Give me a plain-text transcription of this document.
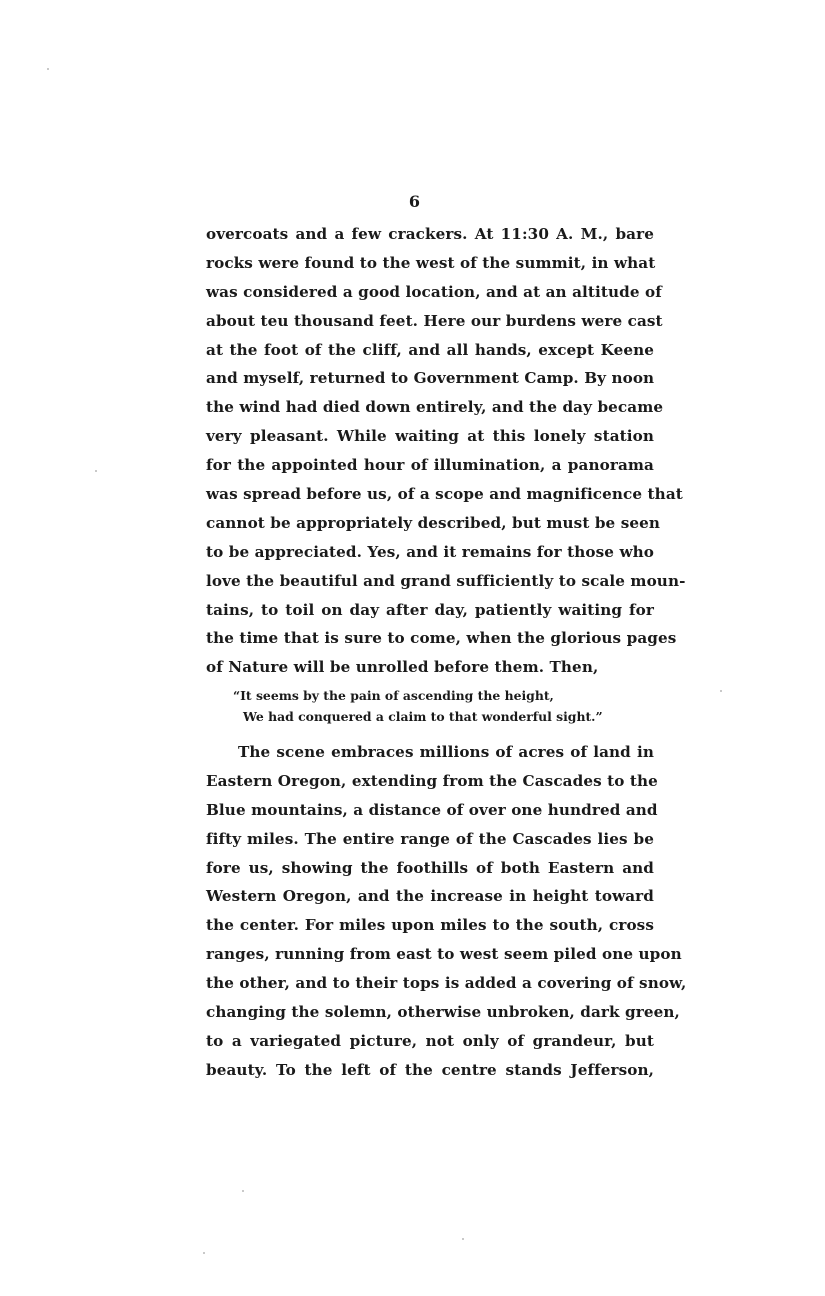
6
overcoats and a few crackers. At 11:30 A. M., bare
rocks were found to the west of the summit, in what
was considered a good location, and at an altitude of
about teu thousand feet. Here our burdens were cast
at the foot of the cliff, and all hands, except Keene
and myself, returned to Government Camp. By noon
the wind had died down entirely, and the day became
very pleasant. While waiting at this lonely station
for the appointed hour of illumination, a panorama
was spread before us, of a scope and magnificence that
cannot be appropriately described, but must be seen
to be appreciated. Yes, and it remains for those who
love the beautiful and grand sufficiently to scale moun-
tains, to toil on day after day, patiently waiting for
the time that is sure to come, when the glorious pages
of Nature will be unrolled before them. Then,
“It seems by the pain of ascending the height,
We had conquered a claim to that wonderful sight.”
The scene embraces millions of acres of land in
Eastern Oregon, extending from the Cascades to the
Blue mountains, a distance of over one hundred and
fifty miles. The entire range of the Cascades lies be
fore us, showing the foothills of both Eastern and
Western Oregon, and the increase in height toward
the center. For miles upon miles to the south, cross
ranges, running from east to west seem piled one upon
the other, and to their tops is added a covering of snow,
changing the solemn, otherwise unbroken, dark green,
to a variegated picture, not only of grandeur, but
beauty. To the left of the centre stands Jefferson,
